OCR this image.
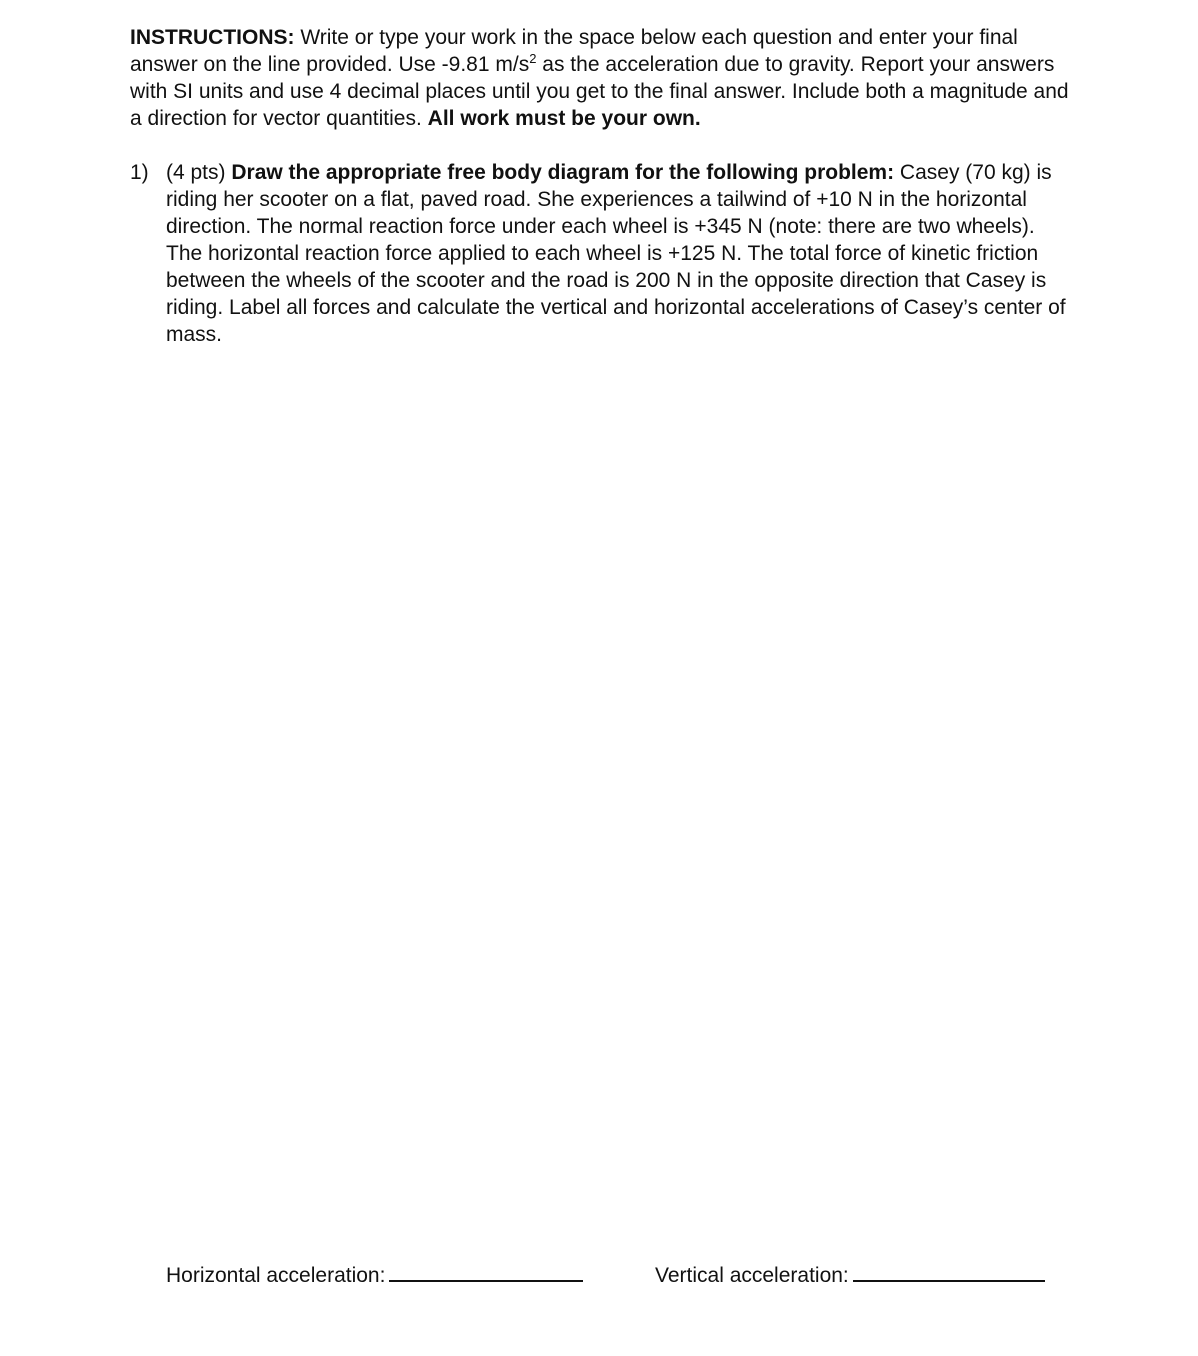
INSTRUCTIONS: Write or type your work in the space below each question and enter your final answer on the line provided. Use -9.81 $m/s^2$ as the acceleration due to gravity. Report your answers with SI units and use 4 decimal places until you get to the final answer. Include both a magnitude and a direction for vector quantities. All work must be your own.

1) (4 pts) Draw the appropriate free body diagram for the following problem: Casey (70 kg) is riding her scooter on a flat, paved road. She experiences a tailwind of +10 N in the horizontal direction. The normal reaction force under each wheel is +345 N (note: there are two wheels). The horizontal reaction force applied to each wheel is +125 N. The total force of kinetic friction between the wheels of the scooter and the road is 200 N in the opposite direction that Casey is riding. Label all forces and calculate the vertical and horizontal accelerations of Casey’s center of mass.
Horizontal acceleration:	Vertical acceleration:
